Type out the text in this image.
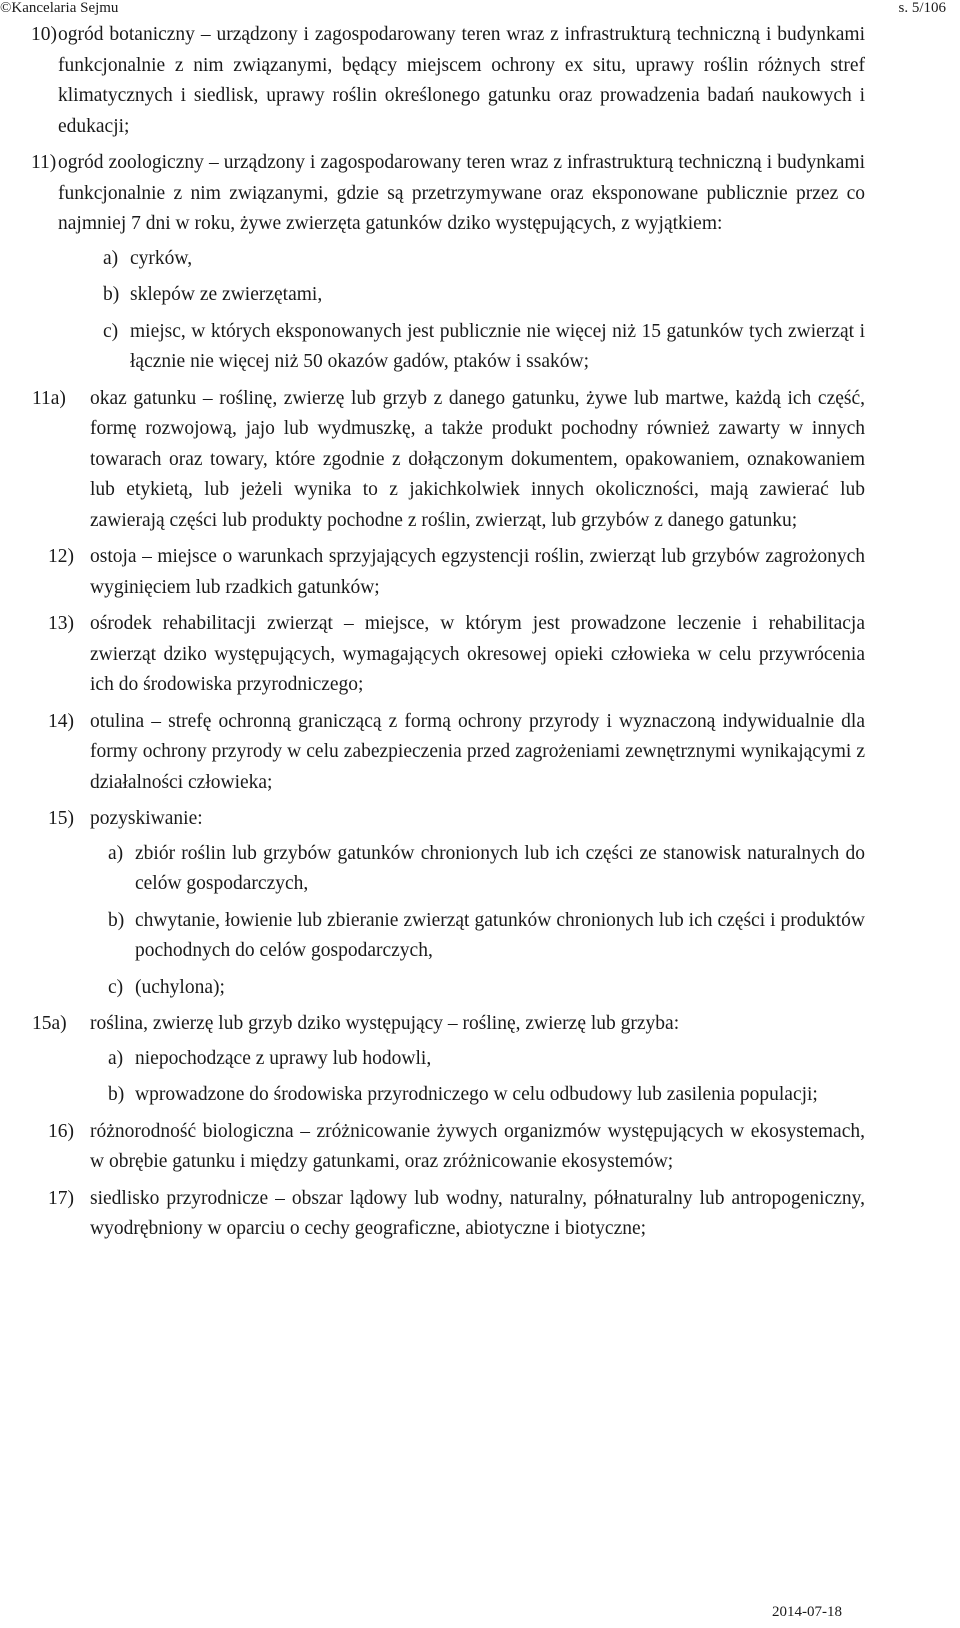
©Kancelaria Sejmu	s. 5/106
10) ogród botaniczny – urządzony i zagospodarowany teren wraz z infrastrukturą techniczną i budynkami funkcjonalnie z nim związanymi, będący miejscem ochrony ex situ, uprawy roślin różnych stref klimatycznych i siedlisk, uprawy roślin określonego gatunku oraz prowadzenia badań naukowych i edukacji;
11) ogród zoologiczny – urządzony i zagospodarowany teren wraz z infrastrukturą techniczną i budynkami funkcjonalnie z nim związanymi, gdzie są przetrzymywane oraz eksponowane publicznie przez co najmniej 7 dni w roku, żywe zwierzęta gatunków dziko występujących, z wyjątkiem:
a) cyrków,
b) sklepów ze zwierzętami,
c) miejsc, w których eksponowanych jest publicznie nie więcej niż 15 gatunków tych zwierząt i łącznie nie więcej niż 50 okazów gadów, ptaków i ssaków;
11a)	okaz gatunku – roślinę, zwierzę lub grzyb z danego gatunku, żywe lub martwe, każdą ich część, formę rozwojową, jajo lub wydmuszkę, a także produkt pochodny również zawarty w innych towarach oraz towary, które zgodnie z dołączonym dokumentem, opakowaniem, oznakowaniem lub etykietą, lub jeżeli wynika to z jakichkolwiek innych okoliczności, mają zawierać lub zawierają części lub produkty pochodne z roślin, zwierząt, lub grzybów z danego gatunku;
12) ostoja – miejsce o warunkach sprzyjających egzystencji roślin, zwierząt lub grzybów zagrożonych wyginięciem lub rzadkich gatunków;
13) ośrodek rehabilitacji zwierząt – miejsce, w którym jest prowadzone leczenie i rehabilitacja zwierząt dziko występujących, wymagających okresowej opieki człowieka w celu przywrócenia ich do środowiska przyrodniczego;
14) otulina – strefę ochronną graniczącą z formą ochrony przyrody i wyznaczoną indywidualnie dla formy ochrony przyrody w celu zabezpieczenia przed zagrożeniami zewnętrznymi wynikającymi z działalności człowieka;
15) pozyskiwanie:
a) zbiór roślin lub grzybów gatunków chronionych lub ich części ze stanowisk naturalnych do celów gospodarczych,
b) chwytanie, łowienie lub zbieranie zwierząt gatunków chronionych lub ich części i produktów pochodnych do celów gospodarczych,
c) (uchylona);
15a)	roślina, zwierzę lub grzyb dziko występujący – roślinę, zwierzę lub grzyba:
a) niepochodzące z uprawy lub hodowli,
b) wprowadzone do środowiska przyrodniczego w celu odbudowy lub zasilenia populacji;
16) różnorodność biologiczna – zróżnicowanie żywych organizmów występujących w ekosystemach, w obrębie gatunku i między gatunkami, oraz zróżnicowanie ekosystemów;
17) siedlisko przyrodnicze – obszar lądowy lub wodny, naturalny, półnaturalny lub antropogeniczny, wyodrębniony w oparciu o cechy geograficzne, abiotyczne i biotyczne;
2014-07-18
